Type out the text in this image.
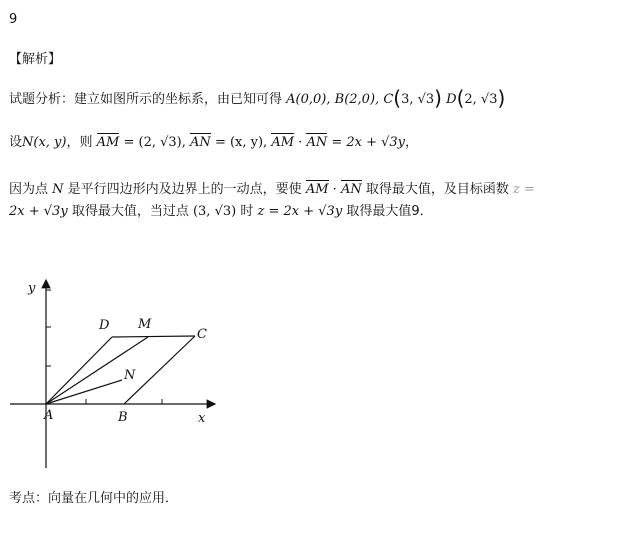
9
【解析】
试题分析：建立如图所示的坐标系，由已知可得 A(0,0), B(2,0), C(3, √3) D(2, √3)
设N(x, y)，则 AM = (2, √3), AN = (x, y), AM · AN = 2x + √3y，
因为点 N 是平行四边形内及边界上的一动点，要使 AM · AN 取得最大值，及目标函数 z =
2x + √3y 取得最大值，当过点 (3, √3) 时 z = 2x + √3y 取得最大值9．
y
x
A	B
C
D M
N
考点：向量在几何中的应用．
